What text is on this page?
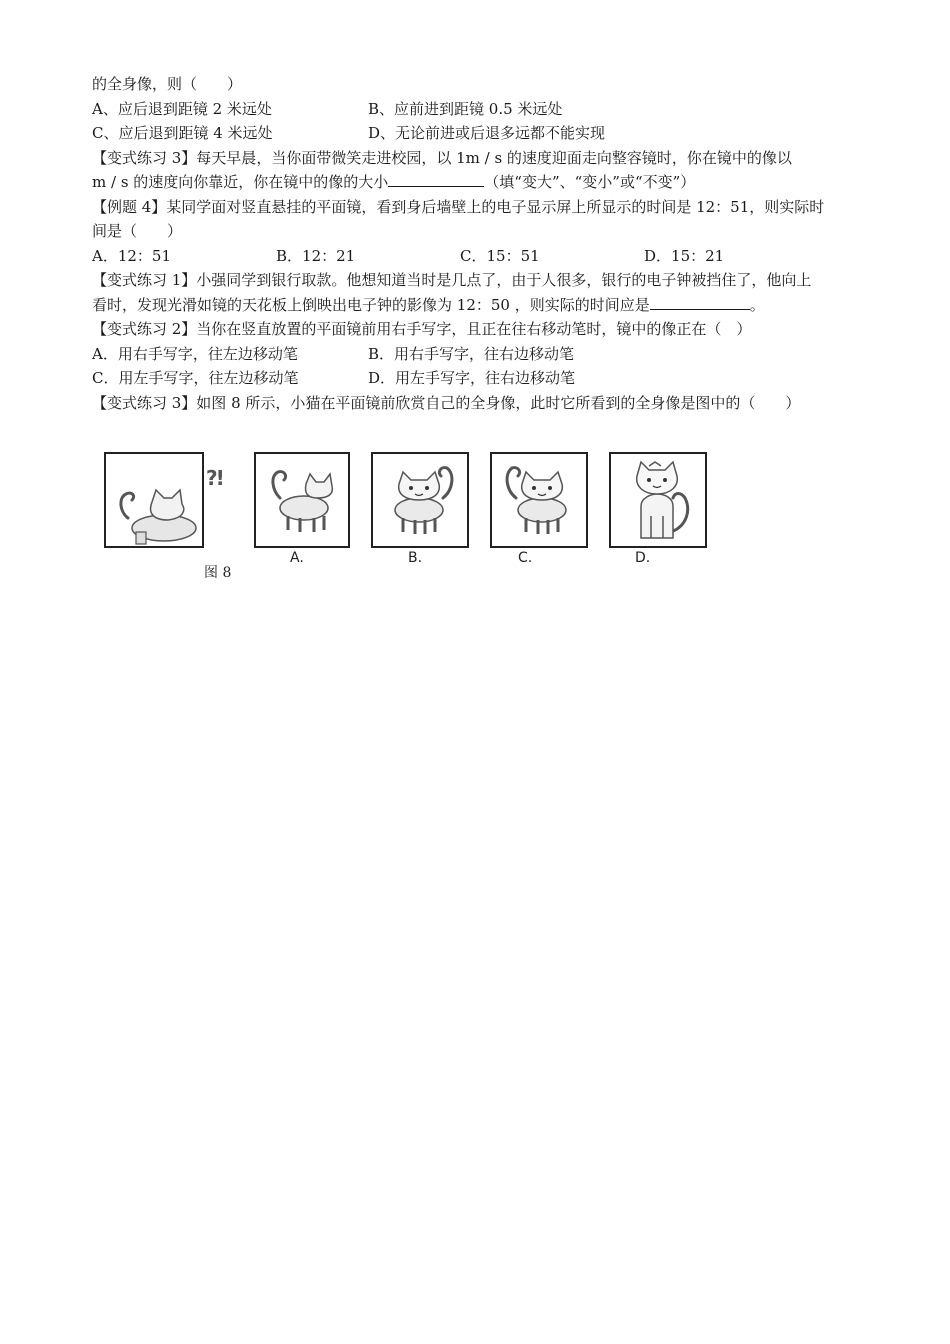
的全身像，则（　　）
A、应后退到距镜 2 米远处	B、应前进到距镜 0.5 米远处
C、应后退到距镜 4 米远处	D、无论前进或后退多远都不能实现
【变式练习 3】每天早晨，当你面带微笑走进校园，以 1m / s 的速度迎面走向整容镜时，你在镜中的像以
m / s 的速度向你靠近，你在镜中的像的大小	（填“变大”、“变小”或“不变”）
【例题 4】某同学面对竖直悬挂的平面镜，看到身后墙壁上的电子显示屏上所显示的时间是 12：51，则实际时
间是（　　）
A．12：51	B．12：21	C．15：51	D．15：21
【变式练习 1】小强同学到银行取款。他想知道当时是几点了，由于人很多，银行的电子钟被挡住了，他向上
看时，发现光滑如镜的天花板上倒映出电子钟的影像为 12：50 ，则实际的时间应是	。
【变式练习 2】当你在竖直放置的平面镜前用右手写字，且正在往右移动笔时，镜中的像正在（　）
A．用右手写字，往左边移动笔	B．用右手写字，往右边移动笔
C．用左手写字，往左边移动笔	D．用左手写字，往右边移动笔
【变式练习 3】如图 8 所示，小猫在平面镜前欣赏自己的全身像，此时它所看到的全身像是图中的（　　）
?!
图 8
A.	B.	C.	D.
